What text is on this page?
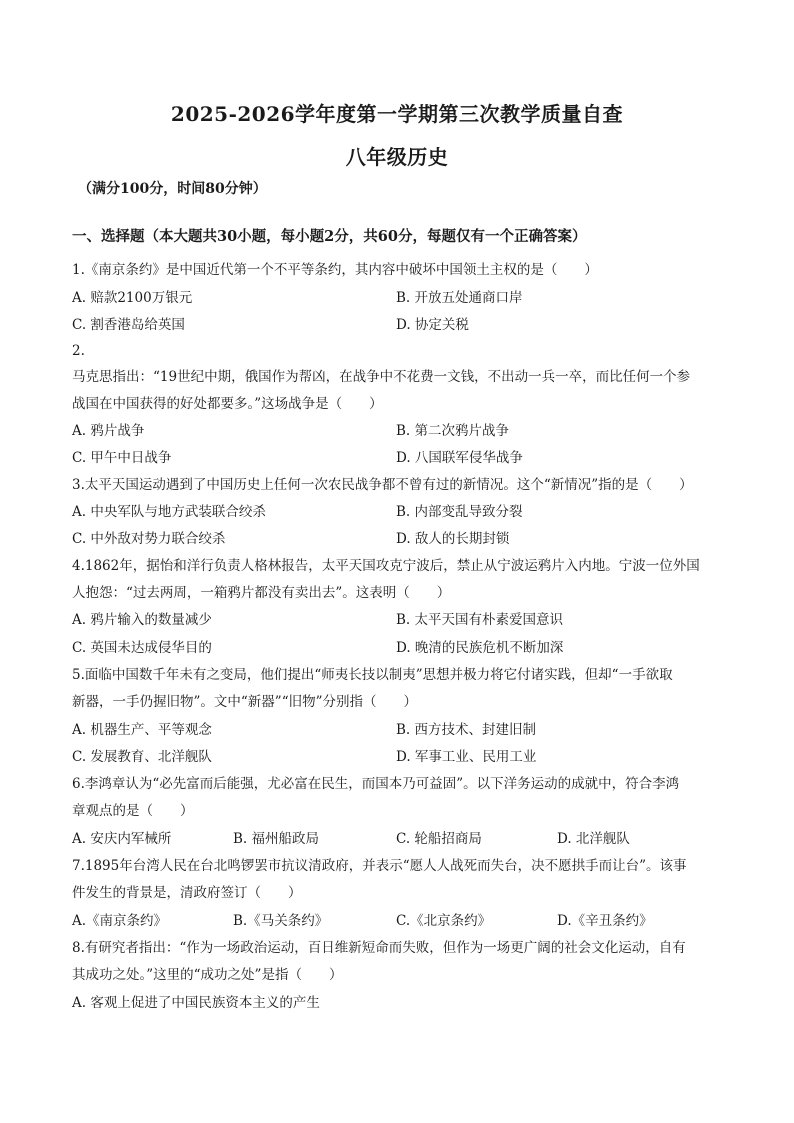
2025-2026学年度第一学期第三次教学质量自查
八年级历史
（满分100分，时间80分钟）
一、选择题（本大题共30小题，每小题2分，共60分，每题仅有一个正确答案）
1.《南京条约》是中国近代第一个不平等条约，其内容中破坏中国领土主权的是（　　）
A. 赔款2100万银元	B. 开放五处通商口岸
C. 割香港岛给英国	D. 协定关税
2.
马克思指出：“19世纪中期，俄国作为帮凶，在战争中不花费一文钱，不出动一兵一卒，而比任何一个参
战国在中国获得的好处都要多。”这场战争是（　　）
A. 鸦片战争	B. 第二次鸦片战争
C. 甲午中日战争	D. 八国联军侵华战争
3.太平天国运动遇到了中国历史上任何一次农民战争都不曾有过的新情况。这个“新情况”指的是（　　）
A. 中央军队与地方武装联合绞杀	B. 内部变乱导致分裂
C. 中外敌对势力联合绞杀	D. 敌人的长期封锁
4.1862年，据怡和洋行负责人格林报告，太平天国攻克宁波后，禁止从宁波运鸦片入内地。宁波一位外国
人抱怨：“过去两周，一箱鸦片都没有卖出去”。这表明（　　）
A. 鸦片输入的数量减少	B. 太平天国有朴素爱国意识
C. 英国未达成侵华目的	D. 晚清的民族危机不断加深
5.面临中国数千年未有之变局，他们提出“师夷长技以制夷”思想并极力将它付诸实践，但却“一手欲取
新器，一手仍握旧物”。文中“新器”“旧物”分别指（　　）
A. 机器生产、平等观念	B. 西方技术、封建旧制
C. 发展教育、北洋舰队	D. 军事工业、民用工业
6.李鸿章认为“必先富而后能强，尤必富在民生，而国本乃可益固”。以下洋务运动的成就中，符合李鸿
章观点的是（　　）
A. 安庆内军械所	B. 福州船政局	C. 轮船招商局	D. 北洋舰队
7.1895年台湾人民在台北鸣锣罢市抗议清政府，并表示“愿人人战死而失台，决不愿拱手而让台”。该事
件发生的背景是，清政府签订（　　）
A.《南京条约》	B.《马关条约》	C.《北京条约》	D.《辛丑条约》
8.有研究者指出：“作为一场政治运动，百日维新短命而失败，但作为一场更广阔的社会文化运动，自有
其成功之处。”这里的“成功之处”是指（　　）
A. 客观上促进了中国民族资本主义的产生
